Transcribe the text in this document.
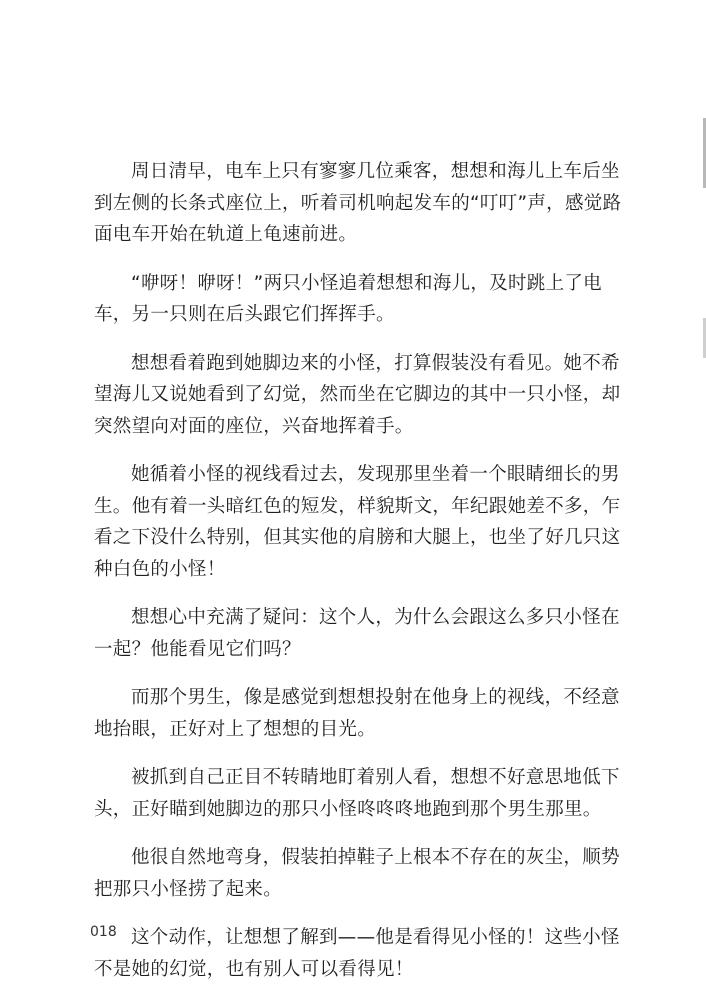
周日清早，电车上只有寥寥几位乘客，想想和海儿上车后坐到左侧的长条式座位上，听着司机响起发车的“叮叮”声，感觉路面电车开始在轨道上龟速前进。

“咿呀！咿呀！”两只小怪追着想想和海儿，及时跳上了电车，另一只则在后头跟它们挥挥手。

想想看着跑到她脚边来的小怪，打算假装没有看见。她不希望海儿又说她看到了幻觉，然而坐在它脚边的其中一只小怪，却突然望向对面的座位，兴奋地挥着手。

她循着小怪的视线看过去，发现那里坐着一个眼睛细长的男生。他有着一头暗红色的短发，样貌斯文，年纪跟她差不多，乍看之下没什么特别，但其实他的肩膀和大腿上，也坐了好几只这种白色的小怪！

想想心中充满了疑问：这个人，为什么会跟这么多只小怪在一起？他能看见它们吗？

而那个男生，像是感觉到想想投射在他身上的视线，不经意地抬眼，正好对上了想想的目光。

被抓到自己正目不转睛地盯着别人看，想想不好意思地低下头，正好瞄到她脚边的那只小怪咚咚咚地跑到那个男生那里。

他很自然地弯身，假装拍掉鞋子上根本不存在的灰尘，顺势把那只小怪捞了起来。

这个动作，让想想了解到——他是看得见小怪的！这些小怪不是她的幻觉，也有别人可以看得见！

018
